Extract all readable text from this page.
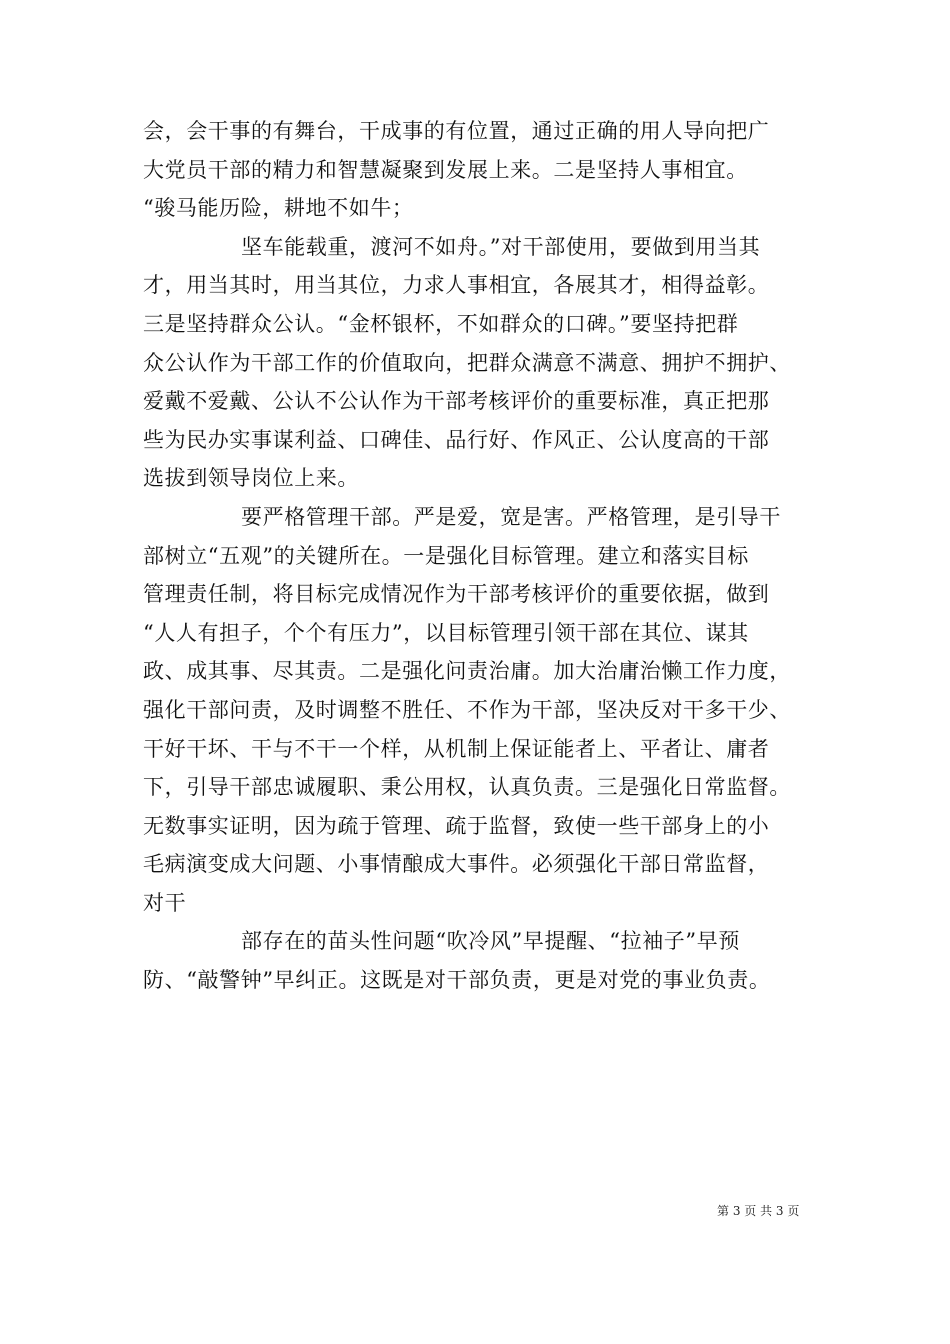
会，会干事的有舞台，干成事的有位置，通过正确的用人导向把广
大党员干部的精力和智慧凝聚到发展上来。二是坚持人事相宜。
“骏马能历险，耕地不如牛；
坚车能载重，渡河不如舟。”对干部使用，要做到用当其
才，用当其时，用当其位，力求人事相宜，各展其才，相得益彰。
三是坚持群众公认。“金杯银杯，不如群众的口碑。”要坚持把群
众公认作为干部工作的价值取向，把群众满意不满意、拥护不拥护、
爱戴不爱戴、公认不公认作为干部考核评价的重要标准，真正把那
些为民办实事谋利益、口碑佳、品行好、作风正、公认度高的干部
选拔到领导岗位上来。
要严格管理干部。严是爱，宽是害。严格管理，是引导干
部树立“五观”的关键所在。一是强化目标管理。建立和落实目标
管理责任制，将目标完成情况作为干部考核评价的重要依据，做到
“人人有担子，个个有压力”，以目标管理引领干部在其位、谋其
政、成其事、尽其责。二是强化问责治庸。加大治庸治懒工作力度，
强化干部问责，及时调整不胜任、不作为干部，坚决反对干多干少、
干好干坏、干与不干一个样，从机制上保证能者上、平者让、庸者
下，引导干部忠诚履职、秉公用权，认真负责。三是强化日常监督。
无数事实证明，因为疏于管理、疏于监督，致使一些干部身上的小
毛病演变成大问题、小事情酿成大事件。必须强化干部日常监督，
对干
部存在的苗头性问题“吹冷风”早提醒、“拉袖子”早预
防、“敲警钟”早纠正。这既是对干部负责，更是对党的事业负责。
第 3 页 共 3 页
